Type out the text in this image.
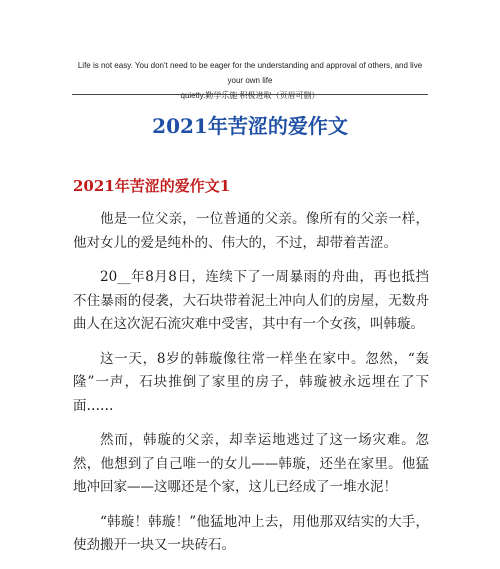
Life is not easy. You don't need to be eager for the understanding and approval of others, and live your own life
quietly.勤学乐施 积极进取（页眉可删）
2021年苦涩的爱作文
2021年苦涩的爱作文1

他是一位父亲，一位普通的父亲。像所有的父亲一样，他对女儿的爱是纯朴的、伟大的，不过，却带着苦涩。

20__年8月8日，连续下了一周暴雨的舟曲，再也抵挡不住暴雨的侵袭，大石块带着泥土冲向人们的房屋，无数舟曲人在这次泥石流灾难中受害，其中有一个女孩，叫韩璇。

这一天，8岁的韩璇像往常一样坐在家中。忽然，“轰隆”一声，石块推倒了家里的房子，韩璇被永远埋在了下面……

然而，韩璇的父亲，却幸运地逃过了这一场灾难。忽然，他想到了自己唯一的女儿——韩璇，还坐在家里。他猛地冲回家——这哪还是个家，这儿已经成了一堆水泥！

“韩璇！韩璇！”他猛地冲上去，用他那双结实的大手，使劲搬开一块又一块砖石。
